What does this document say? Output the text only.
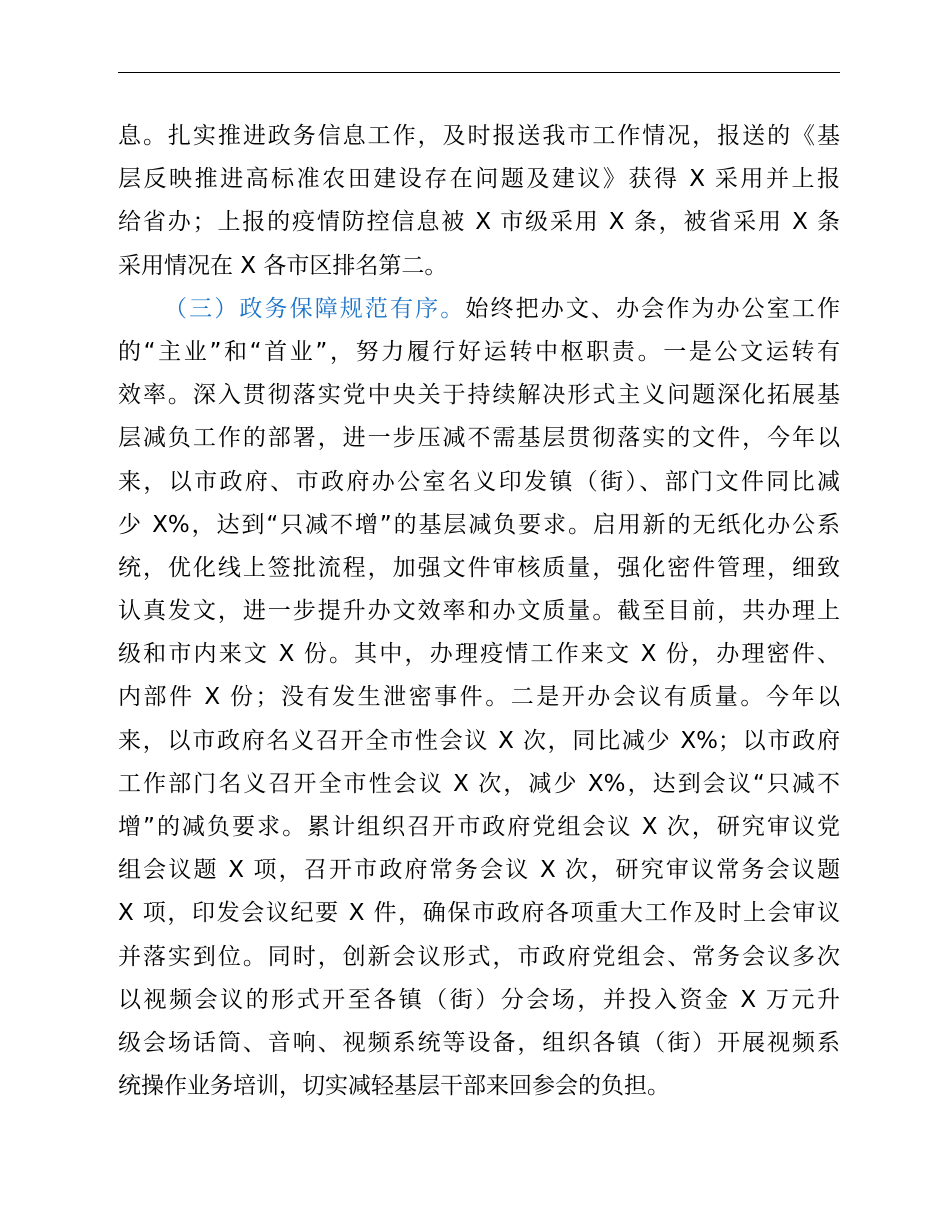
息。扎实推进政务信息工作，及时报送我市工作情况，报送的《基
层反映推进高标准农田建设存在问题及建议》获得 X 采用并上报
给省办；上报的疫情防控信息被 X 市级采用 X 条，被省采用 X 条
采用情况在 X 各市区排名第二。
（三）政务保障规范有序。始终把办文、办会作为办公室工作
的“主业”和“首业”，努力履行好运转中枢职责。一是公文运转有
效率。深入贯彻落实党中央关于持续解决形式主义问题深化拓展基
层减负工作的部署，进一步压减不需基层贯彻落实的文件，今年以
来，以市政府、市政府办公室名义印发镇（街）、部门文件同比减
少 X%，达到“只减不增”的基层减负要求。启用新的无纸化办公系
统，优化线上签批流程，加强文件审核质量，强化密件管理，细致
认真发文，进一步提升办文效率和办文质量。截至目前，共办理上
级和市内来文 X 份。其中，办理疫情工作来文 X 份，办理密件、
内部件 X 份；没有发生泄密事件。二是开办会议有质量。今年以
来，以市政府名义召开全市性会议 X 次，同比减少 X%；以市政府
工作部门名义召开全市性会议 X 次，减少 X%，达到会议“只减不
增”的减负要求。累计组织召开市政府党组会议 X 次，研究审议党
组会议题 X 项，召开市政府常务会议 X 次，研究审议常务会议题
X 项，印发会议纪要 X 件，确保市政府各项重大工作及时上会审议
并落实到位。同时，创新会议形式，市政府党组会、常务会议多次
以视频会议的形式开至各镇（街）分会场，并投入资金 X 万元升
级会场话筒、音响、视频系统等设备，组织各镇（街）开展视频系
统操作业务培训，切实减轻基层干部来回参会的负担。
